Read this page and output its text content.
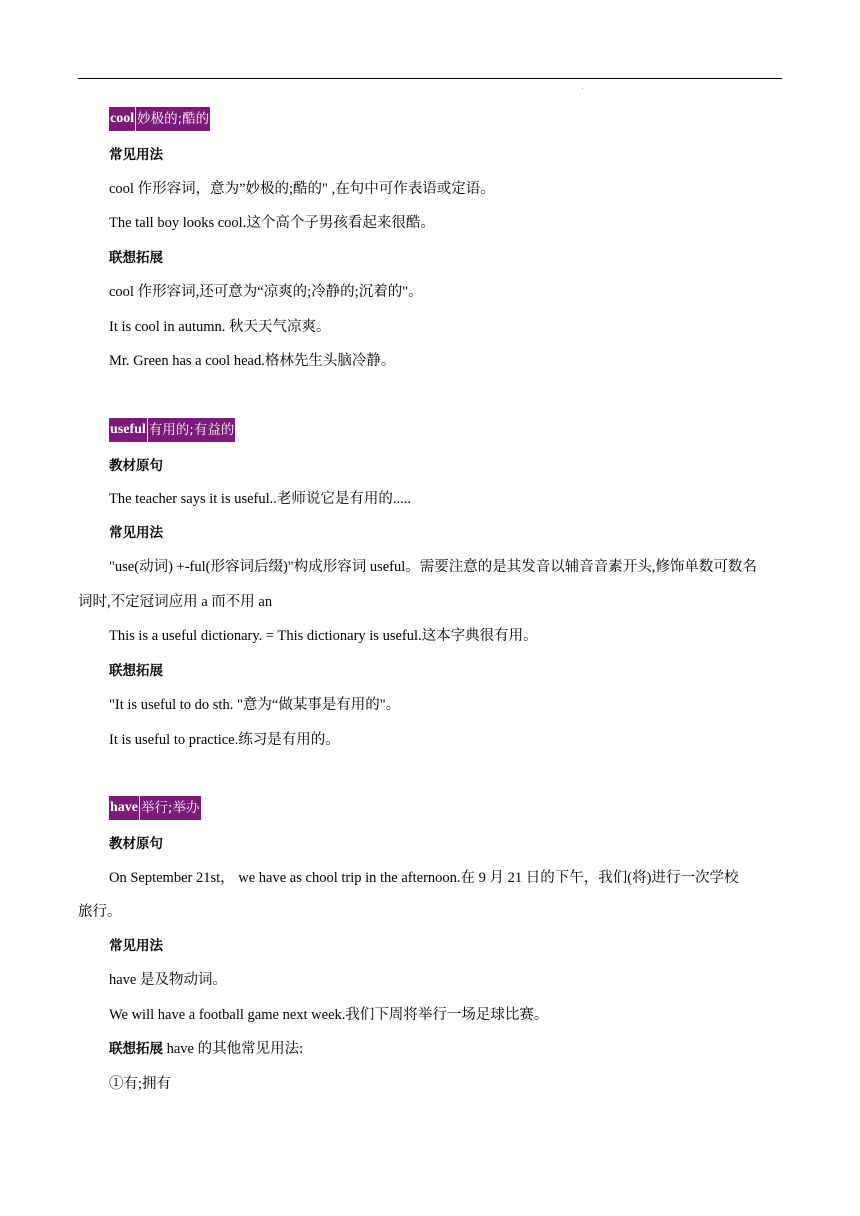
'
cool 妙极的;酷的
常见用法
cool 作形容词，意为”妙极的;酷的" ,在句中可作表语或定语。
The tall boy looks cool.这个高个子男孩看起来很酷。
联想拓展
cool 作形容词,还可意为“凉爽的;冷静的;沉着的"。
It is cool in autumn. 秋天天气凉爽。
Mr. Green has a cool head.格林先生头脑冷静。
useful 有用的;有益的
教材原句
The teacher says it is useful..老师说它是有用的.....
常见用法
"use(动词) +-ful(形容词后缀)"构成形容词 useful。需要注意的是其发音以辅音音素开头,修饰单数可数名
词时,不定冠词应用 a 而不用 an
This is a useful dictionary. = This dictionary is useful.这本字典很有用。
联想拓展
"It is useful to do sth. "意为“做某事是有用的"。
It is useful to practice.练习是有用的。
have 举行;举办
教材原句
On September 21st， we have as chool trip in the afternoon.在 9 月 21 日的下午，我们(将)进行一次学校
旅行。
常见用法
have 是及物动词。
We will have a football game next week.我们下周将举行一场足球比赛。
联想拓展 have 的其他常见用法:
①有;拥有
